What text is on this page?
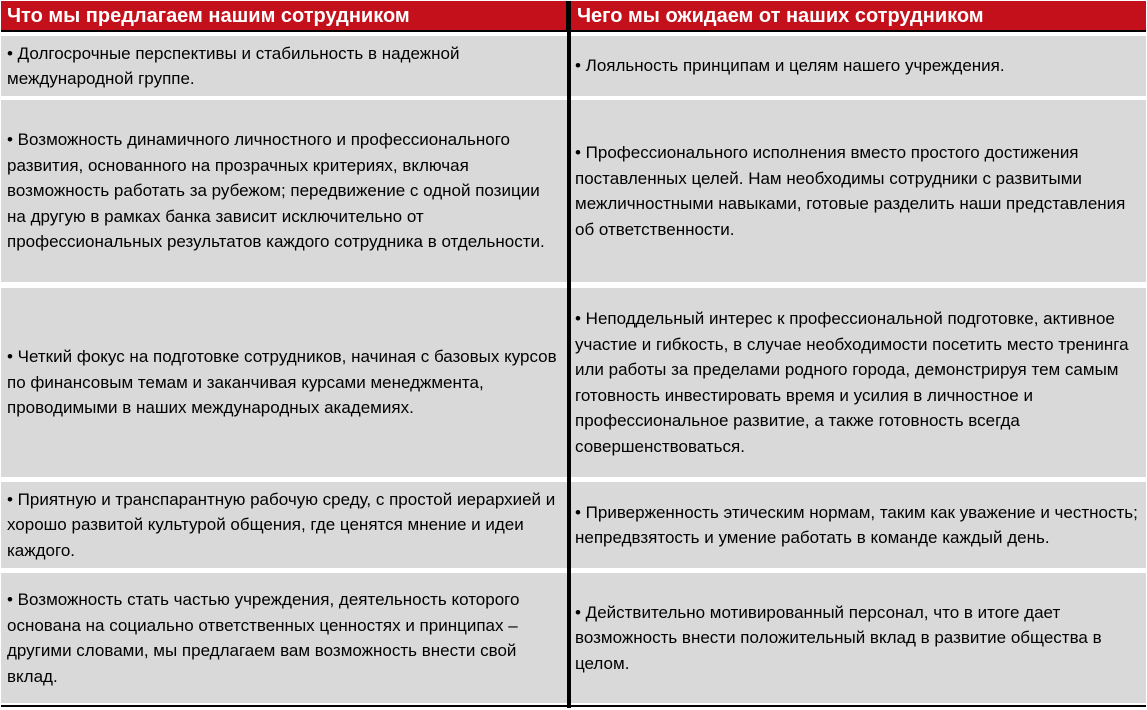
Что мы предлагаем нашим сотрудником	Чего мы ожидаем от наших сотрудником
• Долгосрочные перспективы и стабильность в надежной международной группе.
• Лояльность принципам и целям нашего учреждения.
• Возможность динамичного личностного и профессионального развития, основанного на прозрачных критериях, включая возможность работать за рубежом; передвижение с одной позиции на другую в рамках банка зависит исключительно от профессиональных результатов каждого сотрудника в отдельности.
• Профессионального исполнения вместо простого достижения поставленных целей. Нам необходимы сотрудники с развитыми межличностными навыками, готовые разделить наши представления об ответственности.
• Четкий фокус на подготовке сотрудников, начиная с базовых курсов по финансовым темам и заканчивая курсами менеджмента, проводимыми в наших международных академиях.
• Неподдельный интерес к профессиональной подготовке, активное участие и гибкость, в случае необходимости посетить место тренинга или работы за пределами родного города, демонстрируя тем самым готовность инвестировать время и усилия в личностное и профессиональное развитие, а также готовность всегда совершенствоваться.
• Приятную и транспарантную рабочую среду, с простой иерархией и хорошо развитой культурой общения, где ценятся мнение и идеи каждого.
• Приверженность этическим нормам, таким как уважение и честность; непредвзятость и умение работать в команде каждый день.
• Возможность стать частью учреждения, деятельность которого основана на социально ответственных ценностях и принципах – другими словами, мы предлагаем вам возможность внести свой вклад.
• Действительно мотивированный персонал, что в итоге дает возможность внести положительный вклад в развитие общества в целом.
